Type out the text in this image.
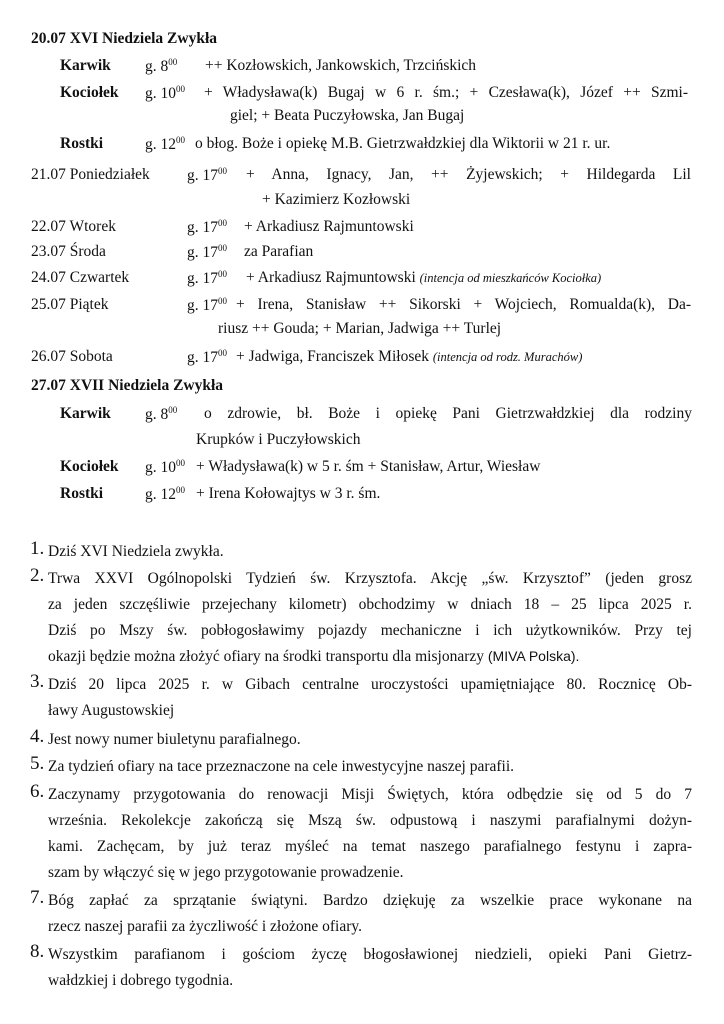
20.07 XVI Niedziela Zwykła
Karwik g. $8^{00}$ ++ Kozłowskich, Jankowskich, Trzcińskich
Kociołek g. $10^{00}$ + Władysława(k) Bugaj w 6 r. śm.; + Czesława(k), Józef ++ Szmi-
giel; + Beata Puczyłowska, Jan Bugaj
Rostki	g. $12^{00}$ o błog. Boże i opiekę M.B. Gietrzwałdzkiej dla Wiktorii w 21 r. ur.
21.07 Poniedziałek g. $17^{00}$ + Anna, Ignacy, Jan, ++ Żyjewskich; + Hildegarda Lil
+ Kazimierz Kozłowski
22.07 Wtorek	g. $17^{00}$ + Arkadiusz Rajmuntowski
23.07 Środa	g. $17^{00}$ za Parafian
24.07 Czwartek	g. $17^{00}$ + Arkadiusz Rajmuntowski (intencja od mieszkańców Kociołka)
25.07 Piątek	g. $17^{00}$ + Irena, Stanisław ++ Sikorski + Wojciech, Romualda(k), Da-
riusz ++ Gouda; + Marian, Jadwiga ++ Turlej
26.07 Sobota	g. $17^{00}$ + Jadwiga, Franciszek Miłosek (intencja od rodz. Murachów)
27.07 XVII Niedziela Zwykła
Karwik g. $8^{00}$ o zdrowie, bł. Boże i opiekę Pani Gietrzwałdzkiej dla rodziny
Krupków i Puczyłowskich
Kociołek g. $10^{00}$ + Władysława(k) w 5 r. śm + Stanisław, Artur, Wiesław
Rostki	g. $12^{00}$ + Irena Kołowajtys w 3 r. śm.
1. Dziś XVI Niedziela zwykła.
2. Trwa XXVI Ogólnopolski Tydzień św. Krzysztofa. Akcję „św. Krzysztof” (jeden grosz
za jeden szczęśliwie przejechany kilometr) obchodzimy w dniach 18 – 25 lipca 2025 r.
Dziś po Mszy św. pobłogosławimy pojazdy mechaniczne i ich użytkowników. Przy tej
okazji będzie można złożyć ofiary na środki transportu dla misjonarzy (MIVA Polska).
3. Dziś 20 lipca 2025 r. w Gibach centralne uroczystości upamiętniające 80. Rocznicę Ob-
ławy Augustowskiej
4. Jest nowy numer biuletynu parafialnego.
5. Za tydzień ofiary na tace przeznaczone na cele inwestycyjne naszej parafii.
6. Zaczynamy przygotowania do renowacji Misji Świętych, która odbędzie się od 5 do 7
września. Rekolekcje zakończą się Mszą św. odpustową i naszymi parafialnymi dożyn-
kami. Zachęcam, by już teraz myśleć na temat naszego parafialnego festynu i zapra-
szam by włączyć się w jego przygotowanie prowadzenie.
7. Bóg zapłać za sprzątanie świątyni. Bardzo dziękuję za wszelkie prace wykonane na
rzecz naszej parafii za życzliwość i złożone ofiary.
8. Wszystkim parafianom i gościom życzę błogosławionej niedzieli, opieki Pani Gietrz-
wałdzkiej i dobrego tygodnia.
